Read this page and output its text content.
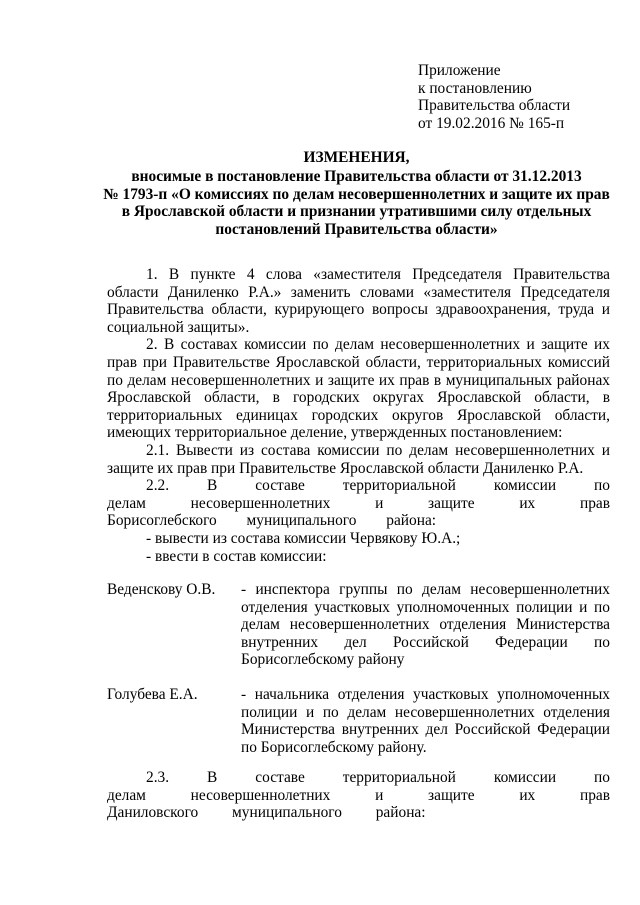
Приложение
к постановлению
Правительства области
от 19.02.2016 № 165-п
ИЗМЕНЕНИЯ,
вносимые в постановление Правительства области от 31.12.2013
№ 1793-п «О комиссиях по делам несовершеннолетних и защите их прав
в Ярославской области и признании утратившими силу отдельных
постановлений Правительства области»

1. В пункте 4 слова «заместителя Председателя Правительства области Даниленко Р.А.» заменить словами «заместителя Председателя Правительства области, курирующего вопросы здравоохранения, труда и социальной защиты».

2. В составах комиссии по делам несовершеннолетних и защите их прав при Правительстве Ярославской области, территориальных комиссий по делам несовершеннолетних и защите их прав в муниципальных районах Ярославской области, в городских округах Ярославской области, в территориальных единицах городских округов Ярославской области, имеющих территориальное деление, утвержденных постановлением:

2.1. Вывести из состава комиссии по делам несовершеннолетних и защите их прав при Правительстве Ярославской области Даниленко Р.А.

2.2. В составе территориальной комиссии по делам несовершеннолетних и защите их прав Борисоглебского муниципального района:

- вывести из состава комиссии Червякову Ю.А.;

- ввести в состав комиссии:

Веденскову О.В.	- инспектора группы по делам несовершеннолетних отделения участковых уполномоченных полиции и по делам несовершеннолетних отделения Министерства внутренних дел Российской Федерации по Борисоглебскому району
Голубева Е.А.	- начальника отделения участковых уполномоченных полиции и по делам несовершеннолетних отделения Министерства внутренних дел Российской Федерации по Борисоглебскому району.

2.3. В составе территориальной комиссии по делам несовершеннолетних и защите их прав Даниловского муниципального района:
